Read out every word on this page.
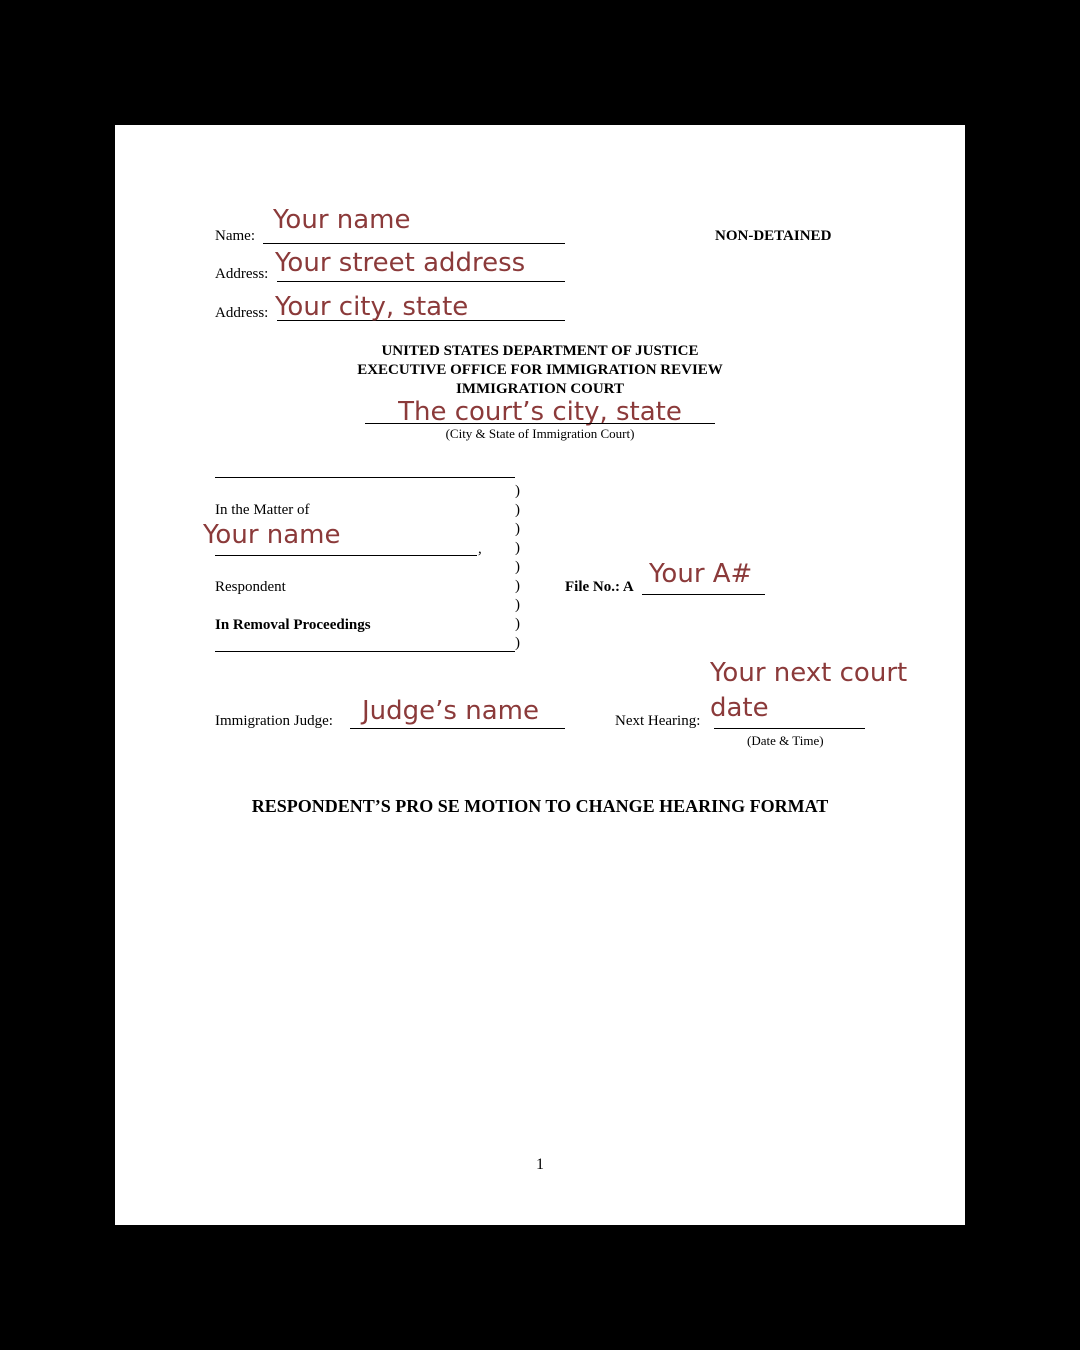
Name:
Your name
NON-DETAINED
Address: Your street address
Address: Your city, state
UNITED STATES DEPARTMENT OF JUSTICE
EXECUTIVE OFFICE FOR IMMIGRATION REVIEW
IMMIGRATION COURT
The court’s city, state
(City & State of Immigration Court)
)
)
)
)
)
)
)
)
)
In the Matter of
Your name	,
Respondent
In Removal Proceedings
File No.: A Your A#
Immigration Judge: Judge’s name	Next Hearing:
Your next court
date
(Date & Time)
RESPONDENT’S PRO SE MOTION TO CHANGE HEARING FORMAT
1
